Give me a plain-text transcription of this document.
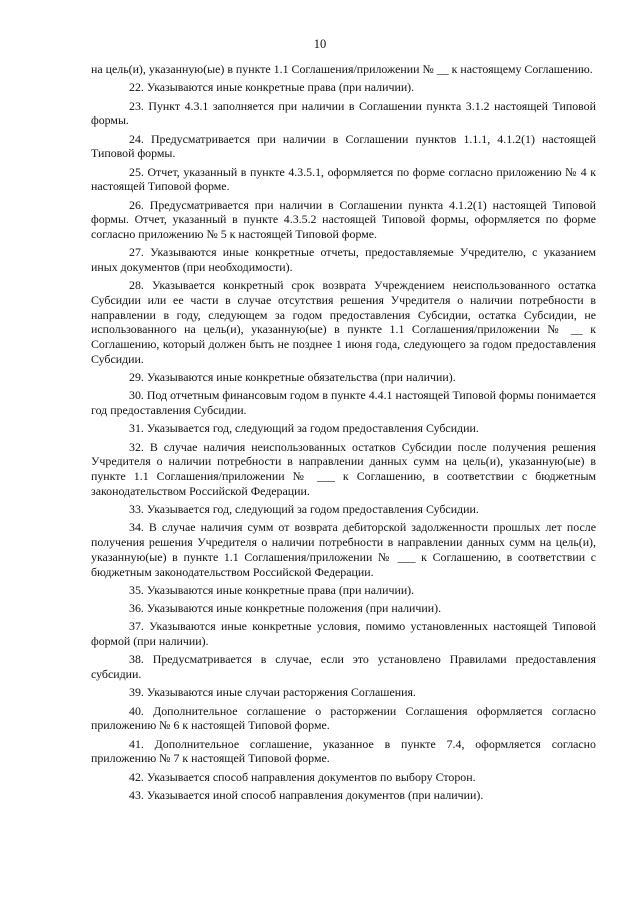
10

на цель(и), указанную(ые) в пункте 1.1 Соглашения/приложении № __ к настоящему Соглашению.

22. Указываются иные конкретные права (при наличии).

23. Пункт 4.3.1 заполняется при наличии в Соглашении пункта 3.1.2 настоящей Типовой формы.

24. Предусматривается при наличии в Соглашении пунктов 1.1.1, 4.1.2(1) настоящей Типовой формы.

25. Отчет, указанный в пункте 4.3.5.1, оформляется по форме согласно приложению № 4 к настоящей Типовой форме.

26. Предусматривается при наличии в Соглашении пункта 4.1.2(1) настоящей Типовой формы. Отчет, указанный в пункте 4.3.5.2 настоящей Типовой формы, оформляется по форме согласно приложению № 5 к настоящей Типовой форме.

27. Указываются иные конкретные отчеты, предоставляемые Учредителю, с указанием иных документов (при необходимости).

28. Указывается конкретный срок возврата Учреждением неиспользованного остатка Субсидии или ее части в случае отсутствия решения Учредителя о наличии потребности в направлении в году, следующем за годом предоставления Субсидии, остатка Субсидии, не использованного на цель(и), указанную(ые) в пункте 1.1 Соглашения/приложении № __ к Соглашению, который должен быть не позднее 1 июня года, следующего за годом предоставления Субсидии.

29. Указываются иные конкретные обязательства (при наличии).

30. Под отчетным финансовым годом в пункте 4.4.1 настоящей Типовой формы понимается год предоставления Субсидии.

31. Указывается год, следующий за годом предоставления Субсидии.

32. В случае наличия неиспользованных остатков Субсидии после получения решения Учредителя о наличии потребности в направлении данных сумм на цель(и), указанную(ые) в пункте 1.1 Соглашения/приложении № ___ к Соглашению, в соответствии с бюджетным законодательством Российской Федерации.

33. Указывается год, следующий за годом предоставления Субсидии.

34. В случае наличия сумм от возврата дебиторской задолженности прошлых лет после получения решения Учредителя о наличии потребности в направлении данных сумм на цель(и), указанную(ые) в пункте 1.1 Соглашения/приложении № ___ к Соглашению, в соответствии с бюджетным законодательством Российской Федерации.

35. Указываются иные конкретные права (при наличии).

36. Указываются иные конкретные положения (при наличии).

37. Указываются иные конкретные условия, помимо установленных настоящей Типовой формой (при наличии).

38. Предусматривается в случае, если это установлено Правилами предоставления субсидии.

39. Указываются иные случаи расторжения Соглашения.

40. Дополнительное соглашение о расторжении Соглашения оформляется согласно приложению № 6 к настоящей Типовой форме.

41. Дополнительное соглашение, указанное в пункте 7.4, оформляется согласно приложению № 7 к настоящей Типовой форме.

42. Указывается способ направления документов по выбору Сторон.

43. Указывается иной способ направления документов (при наличии).
